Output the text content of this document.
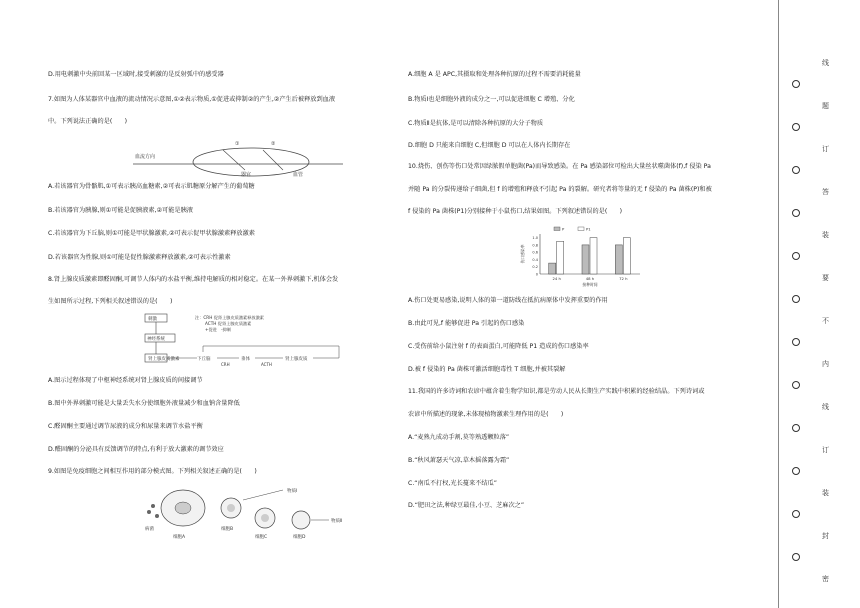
D.用电刺激中央前回某一区域时,接受刺激的是反射弧中的感受器
7.如图为人体某器官中血液的流动情况示意图,①②表示物质,①促进或抑制②的产生,②产生后被释放到血液
中。下列说法正确的是(　　)
血流方向
器官	血管
①	②
A.若该器官为骨骼肌,①可表示胰高血糖素,②可表示肌糖原分解产生的葡萄糖
B.若该器官为胰腺,则①可能是促胰液素,②可能是胰液
C.若该器官为下丘脑,则①可能是甲状腺激素,②可表示促甲状腺激素释放激素
D.若该器官为性腺,则①可能是促性腺激素释放激素,②可表示性激素
8.肾上腺皮质激素即醛固酮,可调节人体内的水盐平衡,维持电解质的相对稳定。在某一外界刺激下,机体会发
生如图所示过程,下列相关叙述错误的是(　　)
刺激
神经系统
肾上腺皮质激素
注：CRH 促肾上腺皮质激素释放激素
ACTH 促肾上腺皮质激素
+促进　-抑制
下丘脑
CRH
垂体
ACTH
肾上腺皮质
A.图示过程体现了中枢神经系统对肾上腺皮质的间接调节
B.图中外界刺激可能是大量丢失水分使细胞外液量减少和血钠含量降低
C.醛固酮主要通过调节尿液的成分和尿量来调节水盐平衡
D.醛固酮的分泌具有反馈调节的特点,有利于放大激素的调节效应
9.如图是免疫细胞之间相互作用的部分模式图。下列相关叙述正确的是(　　)
病菌
细胞A
细胞B
细胞C	细胞D
物质Ⅰ
物质Ⅱ
A.细胞 A 是 APC,其摄取和处理各种抗原的过程不需要消耗能量
B.物质Ⅰ也是细胞外液的成分之一,可以促进细胞 C 增殖、分化
C.物质Ⅱ是抗体,是可以清除各种抗原的大分子物质
D.细胞 D 只能来自细胞 C,但细胞 D 可以在人体内长期存在
10.烧伤、创伤等伤口处常因绿脓假单胞菌(Pa)而导致感染。在 Pa 感染部位可检出大量丝状噬菌体(f),f 侵染 Pa
并随 Pa 的分裂传递给子细菌,但 f 的增殖和释放不引起 Pa 的裂解。研究者将等量的无 f 侵染的 Pa 菌株(P)和被
f 侵染的 Pa 菌株(P1)分别接种于小鼠伤口,结果如图。下列叙述错误的是(　　)
0
0.2
0.4
0.6
0.8
1.0
伤口感染率
接种时间
24 h	48 h	72 h
P	P1
A.伤口处更易感染,说明人体的第一道防线在抵抗病原体中发挥重要的作用
B.由此可见,f 能够促进 Pa 引起的伤口感染
C.受伤前给小鼠注射 f 的表面蛋白,可能降低 P1 造成的伤口感染率
D.被 f 侵染的 Pa 菌株可激活细胞毒性 T 细胞,并被其裂解
11.我国的许多诗词和农谚中蕴含着生物学知识,都是劳动人民从长期生产实践中积累的经验结晶。下列诗词或
农谚中所描述的现象,未体现植物激素生理作用的是(　　)
A.“麦熟九成动手割,莫等熟透颗粒落”
B.“秋风萧瑟天气凉,草木摇落露为霜”
C.“南瓜不打杈,光长蔓来不结瓜”
D.“肥田之法,种绿豆最佳,小豆、芝麻次之”
线
题
订
答
装
要
不
内
线
订
装
封
密
